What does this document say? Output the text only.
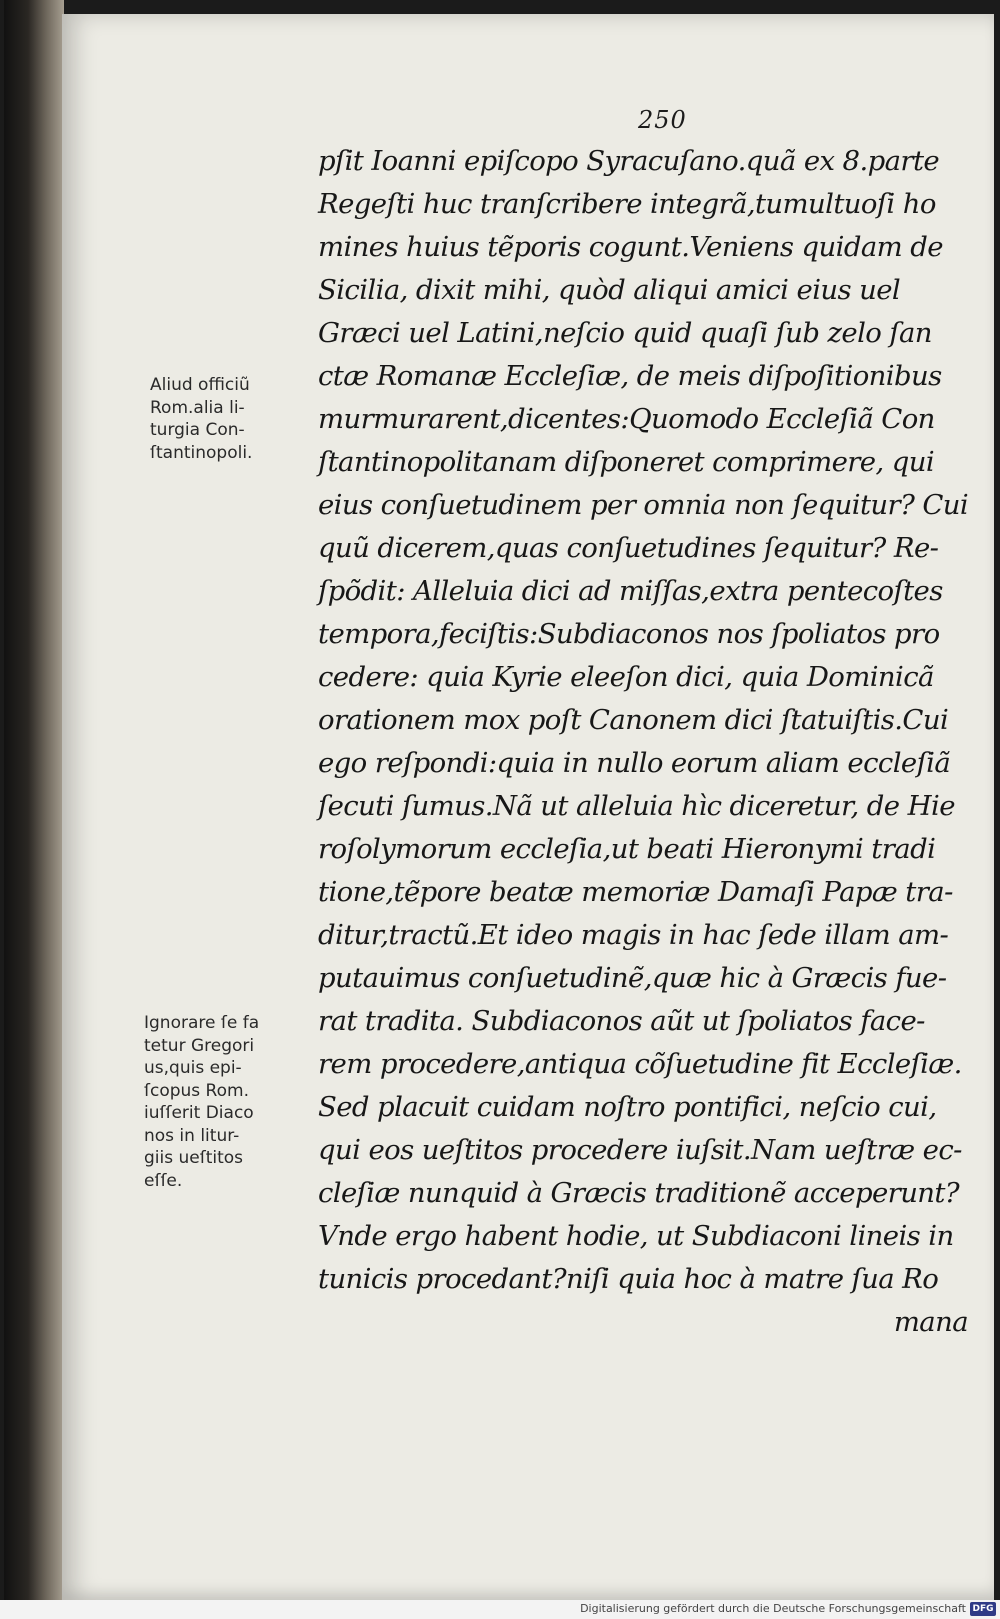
250
Aliud officiũ
Rom.alia li-
turgia Con-
ſtantinopoli.
Ignorare ſe fa
tetur Gregori
us,quis epi-
ſcopus Rom.
iuſſerit Diaco
nos in litur-
giis ueſtitos
eſſe.
pſit Ioanni epiſcopo Syracuſano.quã ex 8.parte
Regeſti huc tranſcribere integrã,tumultuoſi ho
mines huius tẽporis cogunt.Veniens quidam de
Sicilia, dixit mihi, quòd aliqui amici eius uel
Græci uel Latini,neſcio quid quaſi ſub zelo ſan
ctæ Romanæ Eccleſiæ, de meis diſpoſitionibus
murmurarent,dicentes:Quomodo Eccleſiã Con
ſtantinopolitanam diſponeret comprimere, qui
eius conſuetudinem per omnia non ſequitur? Cui
quũ dicerem,quas conſuetudines ſequitur? Re-
ſpõdit: Alleluia dici ad miſſas,extra pentecoſtes
tempora,feciſtis:Subdiaconos nos ſpoliatos pro
cedere: quia Kyrie eleeſon dici, quia Dominicã
orationem mox poſt Canonem dici ſtatuiſtis.Cui
ego reſpondi:quia in nullo eorum aliam eccleſiã
ſecuti ſumus.Nã ut alleluia hìc diceretur, de Hie
roſolymorum eccleſia,ut beati Hieronymi tradi
tione,tẽpore beatæ memoriæ Damaſi Papæ tra-
ditur,tractũ.Et ideo magis in hac ſede illam am-
putauimus conſuetudinẽ,quæ hic à Græcis fue-
rat tradita. Subdiaconos aũt ut ſpoliatos face-
rem procedere,antiqua cõſuetudine fit Eccleſiæ.
Sed placuit cuidam noſtro pontifici, neſcio cui,
qui eos ueſtitos procedere iuſsit.Nam ueſtræ ec-
cleſiæ nunquid à Græcis traditionẽ acceperunt?
Vnde ergo habent hodie, ut Subdiaconi lineis in
tunicis procedant?niſi quia hoc à matre ſua Ro
mana
Digitalisierung gefördert durch die Deutsche Forschungsgemeinschaft DFG
